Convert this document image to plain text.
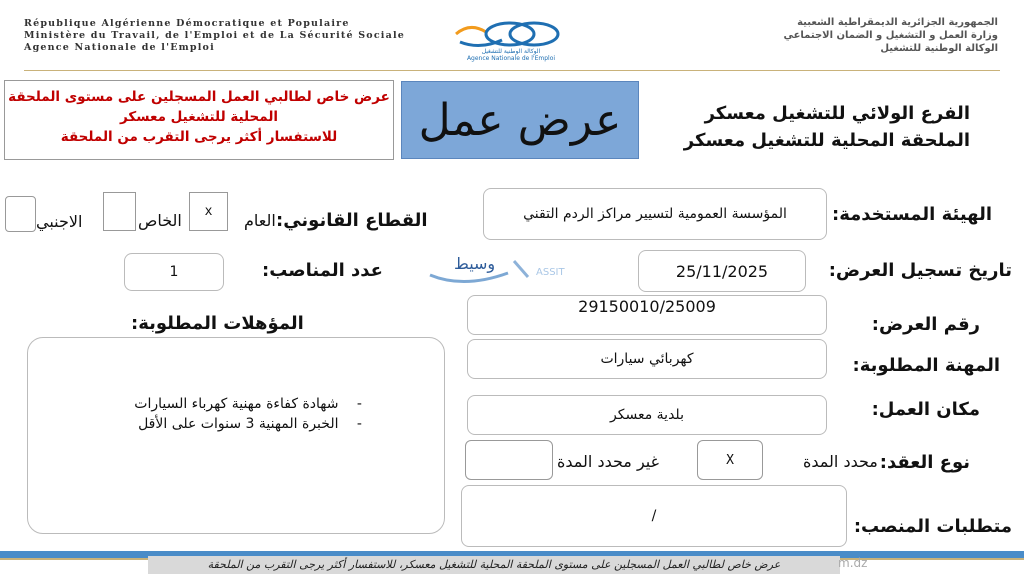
République Algérienne Démocratique et Populaire
Ministère du Travail, de l'Emploi et de La Sécurité Sociale
Agence Nationale de l'Emploi	الوكالة الوطنية للتشغيل
Agence Nationale de l'Emploi
الجمهورية الجزائرية الديمقراطية الشعبية
وزارة العمل و التشغيل و الضمان الاجتماعي
الوكالة الوطنية للتشغيل
عرض خاص لطالبي العمل المسجلين على مستوى الملحقة
المحلية للتشغيل معسكر
للاستفسار أكثر يرجى التقرب من الملحقة	عرض عمل	الفرع الولائي للتشغيل معسكر
الملحقة المحلية للتشغيل معسكر
الهيئة المستخدمة:
المؤسسة العمومية لتسيير مراكز الردم التقني
القطاع القانوني:
العام
x
الخاص
الاجنبي
تاريخ تسجيل العرض:
25/11/2025
عدد المناصب:
1	وسيط	ASSIT
رقم العرض:
29150010/25009
المؤهلات المطلوبة:
- شهادة كفاءة مهنية كهرباء السيارات
- الخبرة المهنية 3 سنوات على الأقل
المهنة المطلوبة:
كهربائي سيارات
مكان العمل:
بلدية معسكر
نوع العقد:
محدد المدة
X
غير محدد المدة
متطلبات المنصب:
/
عرض خاص لطالبي العمل المسجلين على مستوى الملحقة المحلية للتشغيل معسكر، للاستفسار أكثر يرجى التقرب من الملحقة	m.dz
